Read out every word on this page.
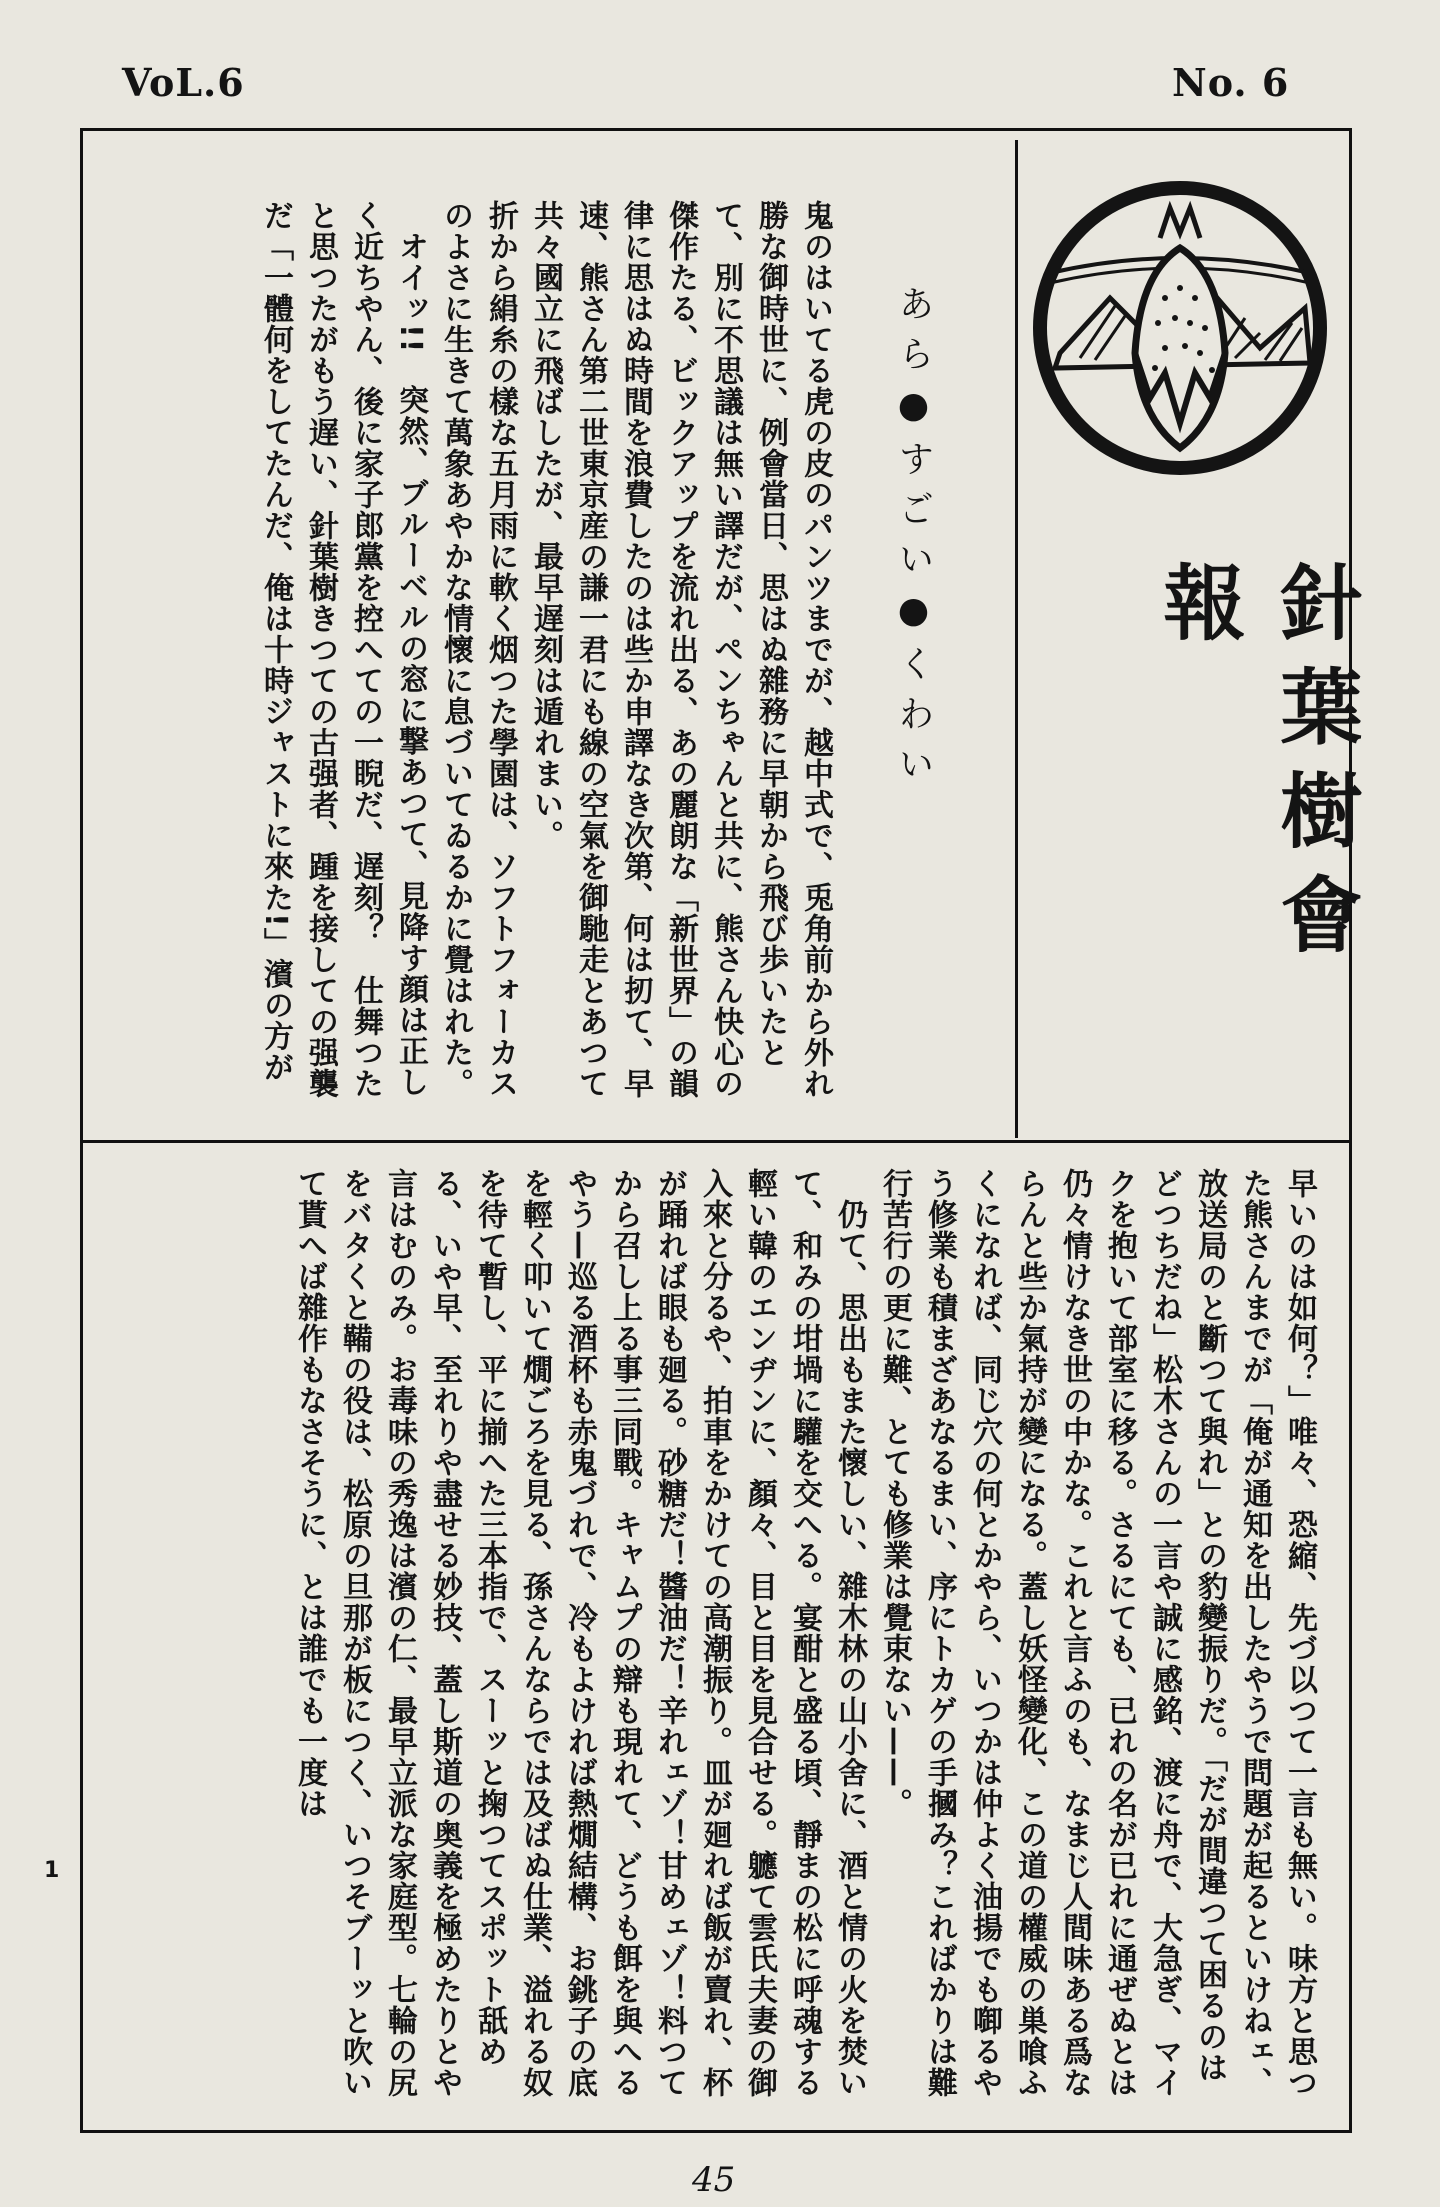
VoL.6	No. 6
針葉樹會報
あら●すごい●くわい
鬼のはいてる虎の皮のパンツまでが、越中式で、兎角前から外れ勝な御時世に、例會當日、思はぬ雜務に早朝から飛び歩いたとて、別に不思議は無い譯だが、ペンちゃんと共に、熊さん快心の傑作たる、ビックアップを流れ出る、あの麗朗な「新世界」の韻律に思はぬ時間を浪費したのは些か申譯なき次第、何は扨て、早速、熊さん第二世東京産の謙一君にも線の空氣を御馳走とあつて共々國立に飛ばしたが、最早遅刻は遁れまい。
折から絹糸の樣な五月雨に軟く烟つた學園は、ソフトフォーカスのよさに生きて萬象あやかな情懷に息づいてゐるかに覺はれた。
　オイッ!!　突然、ブルーベルの窓に撃あつて、見降す顔は正しく近ちやん、後に家子郎黨を控へての一睨だ、遅刻？　仕舞つたと思つたがもう遅い、針葉樹きつての古强者、踵を接しての强襲だ「一體何をしてたんだ、俺は十時ジャストに來た!」濱の方が
早いのは如何？」唯々、恐縮、先づ以つて一言も無い。味方と思つた熊さんまでが「俺が通知を出したやうで問題が起るといけねェ、放送局のと斷つて與れ」との豹變振りだ。「だが間違つて困るのはどつちだね」松木さんの一言や誠に感銘、渡に舟で、大急ぎ、マイクを抱いて部室に移る。さるにても、已れの名が已れに通ぜぬとは仍々情けなき世の中かな。これと言ふのも、なまじ人間味ある爲ならんと些か氣持が變になる。蓋し妖怪變化、この道の權威の巣喰ふくになれば、同じ穴の何とかやら、いつかは仲よく油揚でも啣るやう修業も積まざあなるまい、序にトカゲの手摑み？こればかりは難行苦行の更に難、とても修業は覺束ない——。
　仍て、思出もまた懷しい、雜木林の山小舍に、酒と情の火を焚いて、和みの坩堝に驩を交へる。宴酣と盛る頃、靜まの松に呼魂する輕い韓のエンヂンに、顏々、目と目を見合せる。軈て雲氏夫妻の御入來と分るや、拍車をかけての高潮振り。皿が廻れば飯が賣れ、杯が踊れば眼も廻る。砂糖だ！醬油だ！辛れェゾ！甘めェゾ！料つてから召し上る事三同戰。キャムプの辯も現れて、どうも餌を與へるやう—巡る酒杯も赤鬼づれで、冷もよければ熱燗結構、お銚子の底を輕く叩いて燗ごろを見る、孫さんならでは及ばぬ仕業、溢れる奴を待て暫し、平に揃へた三本指で、スーッと掬つてスポット舐める、いや早、至れりや盡せる妙技、蓋し斯道の奥義を極めたりとや言はむのみ。お毒味の秀逸は濱の仁、最早立派な家庭型。七輪の尻をバタくと鞴の役は、松原の旦那が板につく、いつそブーッと吹いて貰へば雜作もなさそうに、とは誰でも一度は
1
45
